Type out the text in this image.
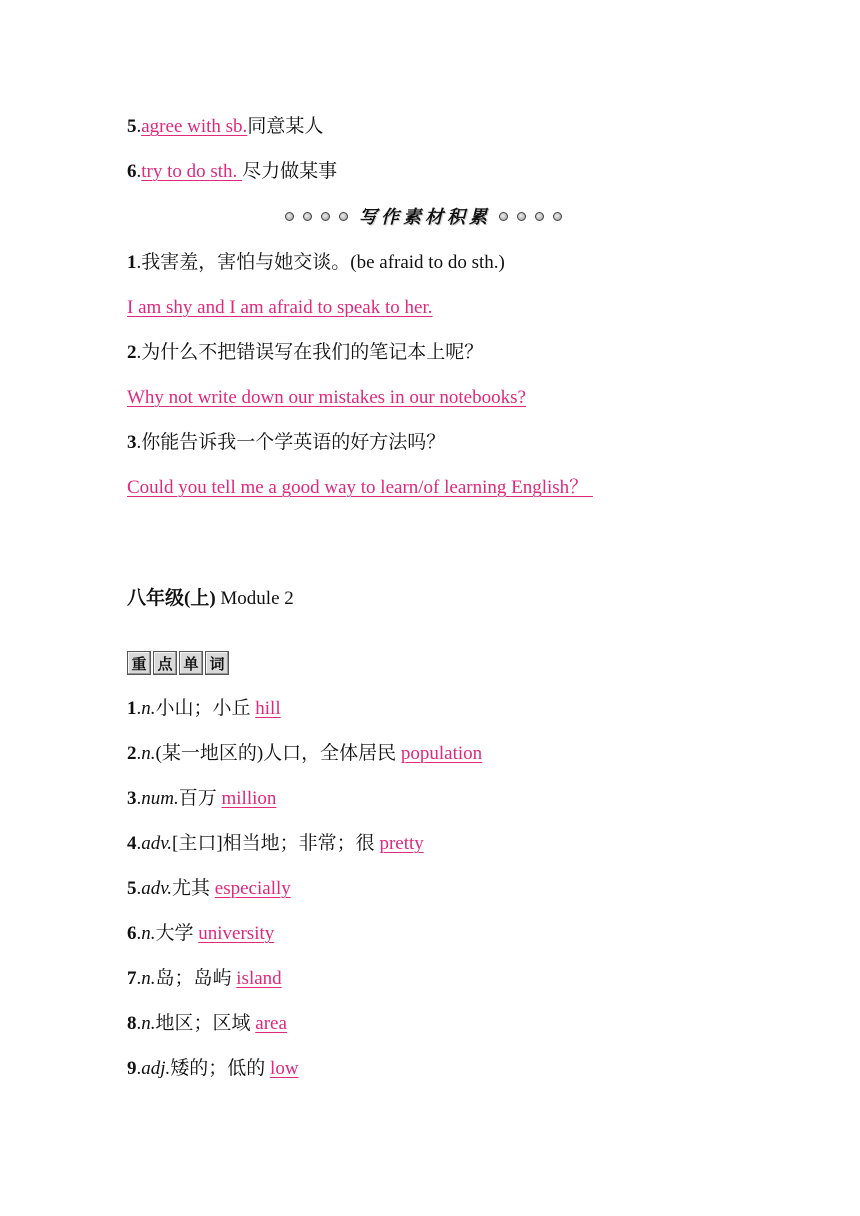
5.agree with sb.同意某人
6.try to do sth. 尽力做某事
写作素材积累
1.我害羞，害怕与她交谈。(be afraid to do sth.)
I am shy and I am afraid to speak to her.
2.为什么不把错误写在我们的笔记本上呢？
Why not write down our mistakes in our notebooks?
3.你能告诉我一个学英语的好方法吗？
Could you tell me a good way to learn/of learning English？
八年级(上) Module 2
重 点 单 词
1.n.小山；小丘 hill
2.n.(某一地区的)人口，全体居民 population
3.num.百万 million
4.adv.[主口]相当地；非常；很 pretty
5.adv.尤其 especially
6.n.大学 university
7.n.岛；岛屿 island
8.n.地区；区域 area
9.adj.矮的；低的 low
